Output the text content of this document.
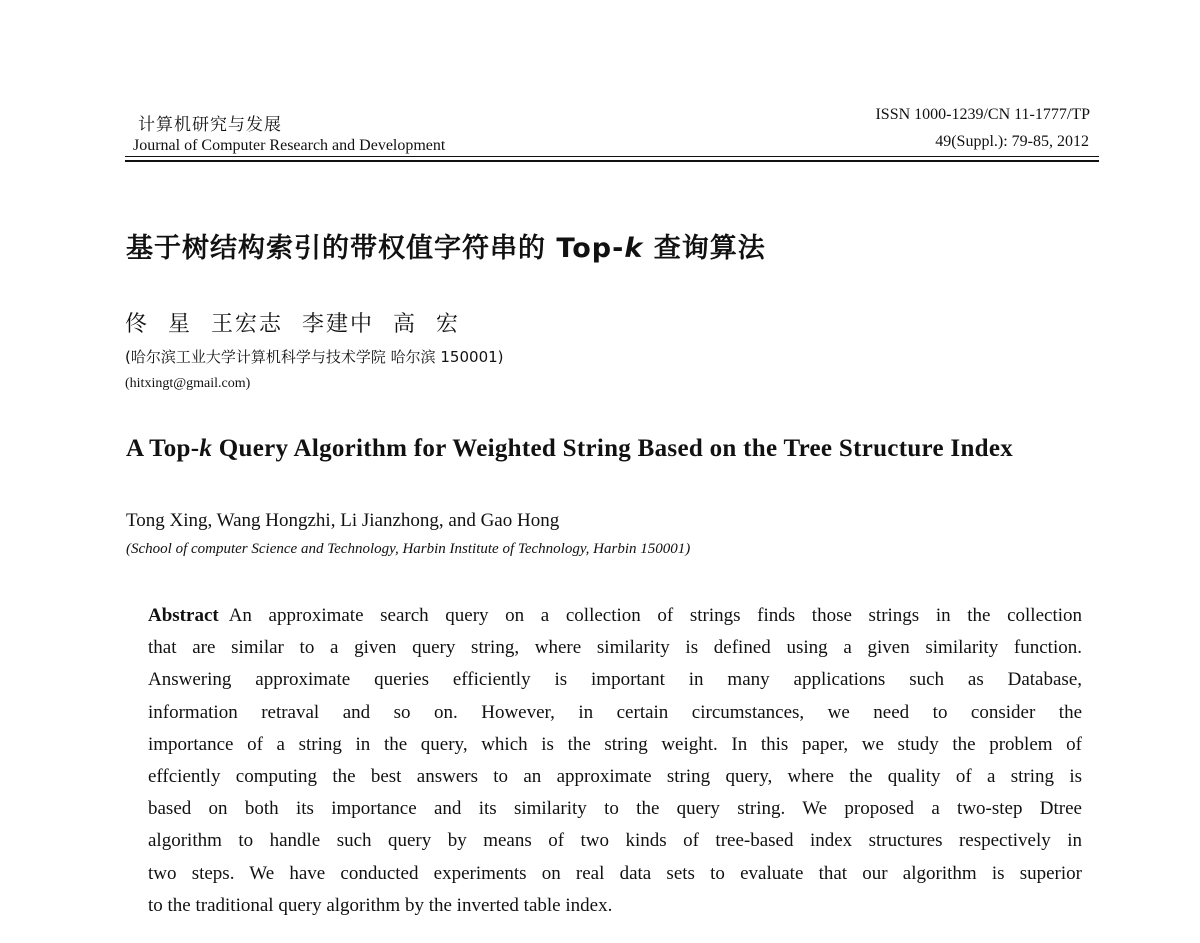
计算机研究与发展
Journal of Computer Research and Development
ISSN 1000-1239/CN 11-1777/TP
49(Suppl.): 79-85, 2012
基于树结构索引的带权值字符串的 Top-k 查询算法
佟 星 王宏志 李建中 高 宏
(哈尔滨工业大学计算机科学与技术学院 哈尔滨 150001)
(hitxingt@gmail.com)
A Top-k Query Algorithm for Weighted String Based on the Tree Structure Index
Tong Xing, Wang Hongzhi, Li Jianzhong, and Gao Hong
(School of computer Science and Technology, Harbin Institute of Technology, Harbin 150001)
Abstract An approximate search query on a collection of strings finds those strings in the collection
that are similar to a given query string, where similarity is defined using a given similarity function.
Answering approximate queries efficiently is important in many applications such as Database,
information retraval and so on. However, in certain circumstances, we need to consider the
importance of a string in the query, which is the string weight. In this paper, we study the problem of
effciently computing the best answers to an approximate string query, where the quality of a string is
based on both its importance and its similarity to the query string. We proposed a two-step Dtree
algorithm to handle such query by means of two kinds of tree-based index structures respectively in
two steps. We have conducted experiments on real data sets to evaluate that our algorithm is superior
to the traditional query algorithm by the inverted table index.
